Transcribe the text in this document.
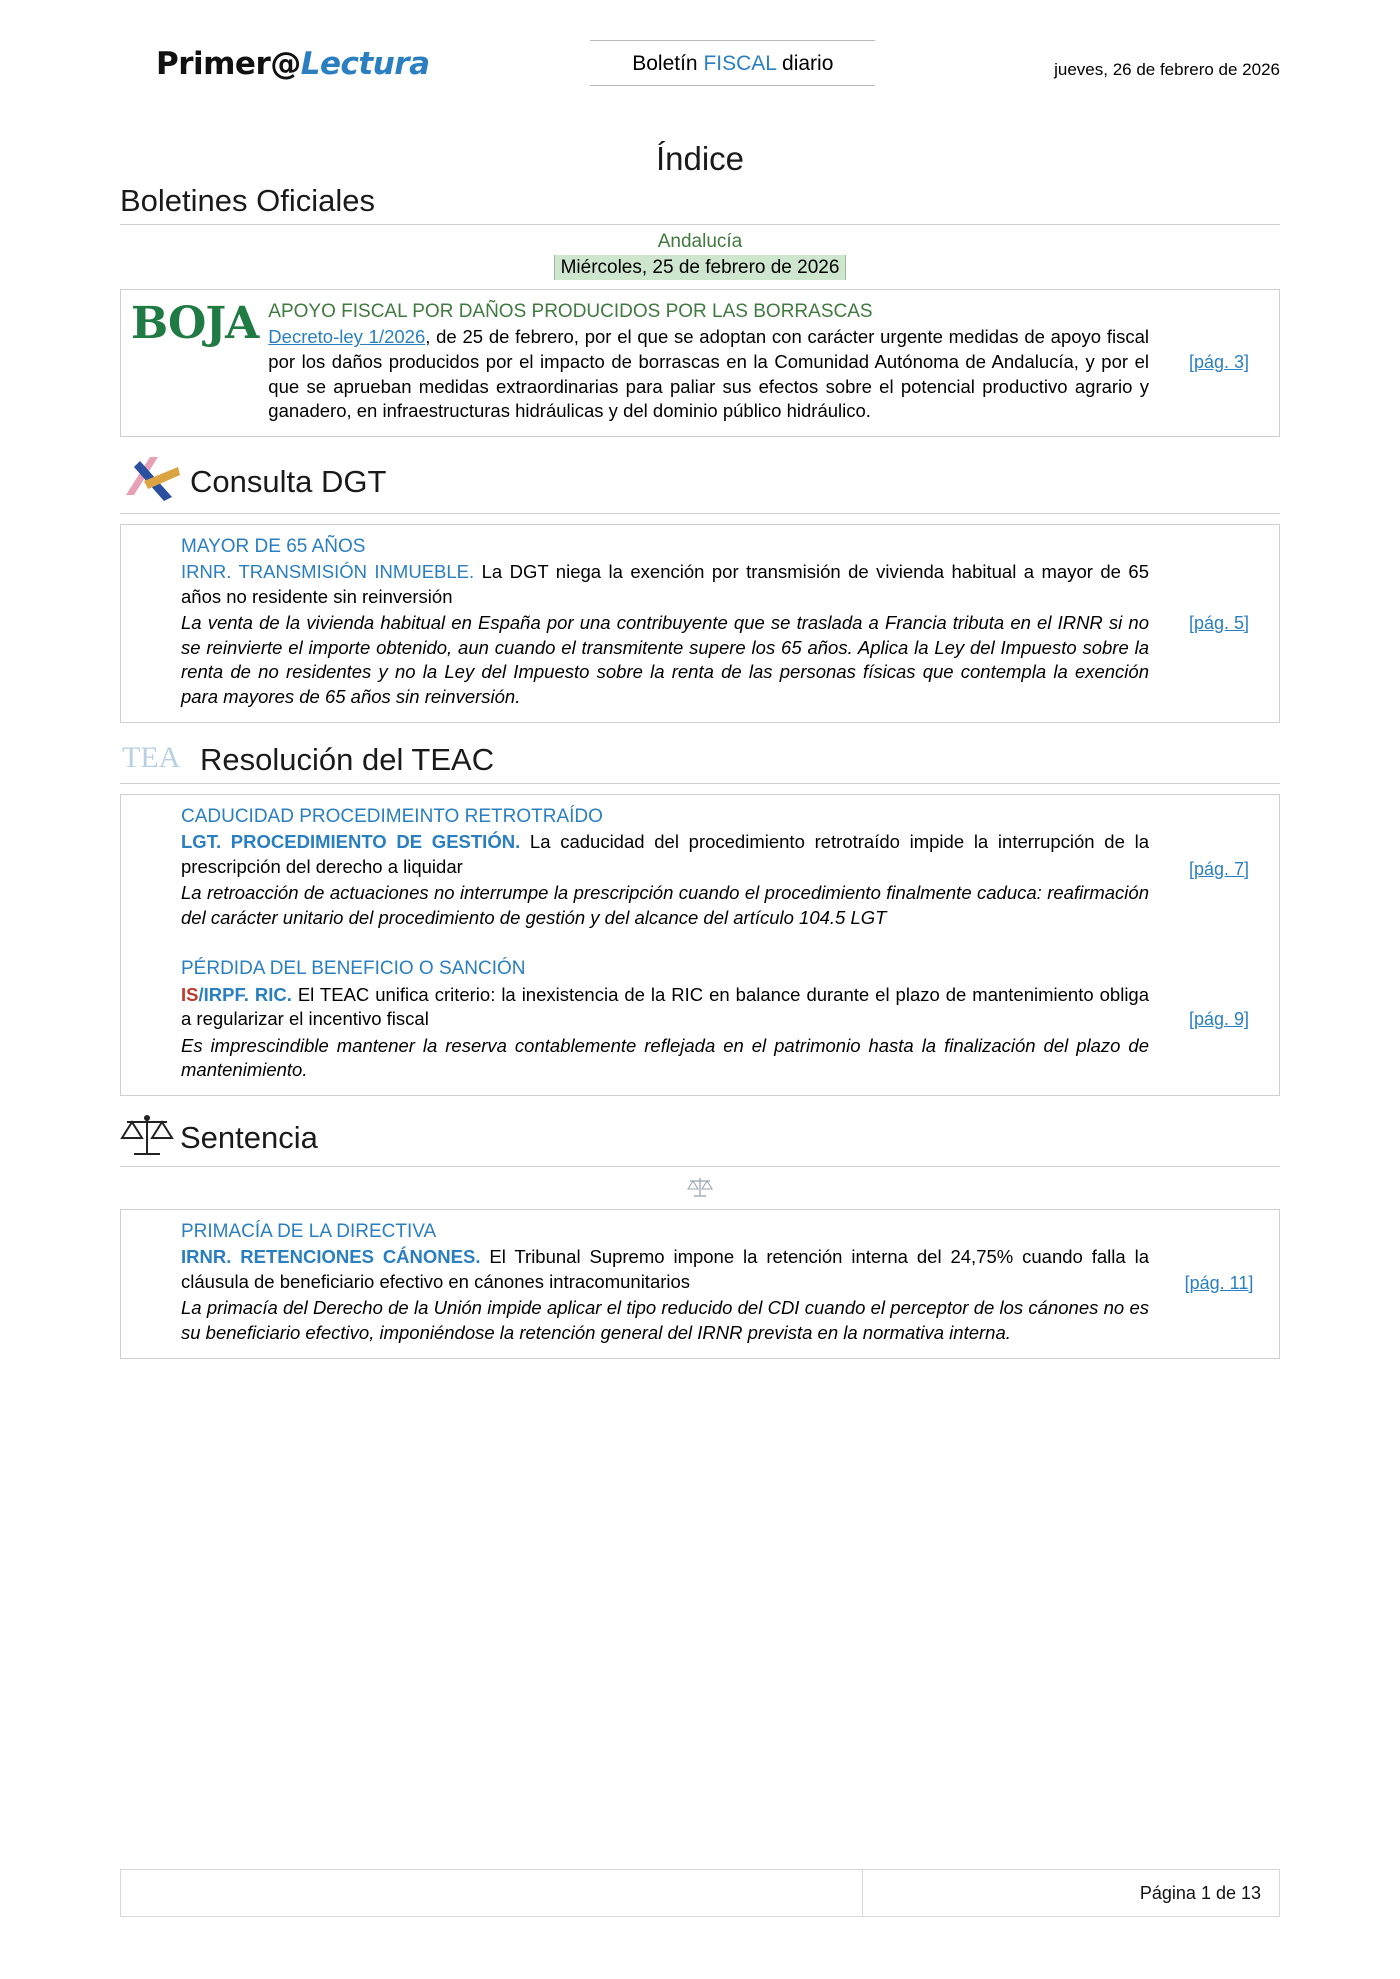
Primer@Lectura	Boletín FISCAL diario	jueves, 26 de febrero de 2026
Índice
Boletines Oficiales
Andalucía
Miércoles, 25 de febrero de 2026
BOJA APOYO FISCAL POR DAÑOS PRODUCIDOS POR LAS BORRASCAS
Decreto-ley 1/2026, de 25 de febrero, por el que se adoptan con carácter urgente medidas de apoyo fiscal por los daños producidos por el impacto de borrascas en la Comunidad Autónoma de Andalucía, y por el que se aprueban medidas extraordinarias para paliar sus efectos sobre el potencial productivo agrario y ganadero, en infraestructuras hidráulicas y del dominio público hidráulico.
[pág. 3]
Consulta DGT
MAYOR DE 65 AÑOS
IRNR. TRANSMISIÓN INMUEBLE. La DGT niega la exención por transmisión de vivienda habitual a mayor de 65 años no residente sin reinversión
La venta de la vivienda habitual en España por una contribuyente que se traslada a Francia tributa en el IRNR si no se reinvierte el importe obtenido, aun cuando el transmitente supere los 65 años. Aplica la Ley del Impuesto sobre la renta de no residentes y no la Ley del Impuesto sobre la renta de las personas físicas que contempla la exención para mayores de 65 años sin reinversión.
[pág. 5]
TEA Resolución del TEAC
CADUCIDAD PROCEDIMEINTO RETROTRAÍDO
LGT. PROCEDIMIENTO DE GESTIÓN. La caducidad del procedimiento retrotraído impide la interrupción de la prescripción del derecho a liquidar
La retroacción de actuaciones no interrumpe la prescripción cuando el procedimiento finalmente caduca: reafirmación del carácter unitario del procedimiento de gestión y del alcance del artículo 104.5 LGT
PÉRDIDA DEL BENEFICIO O SANCIÓN
IS/IRPF. RIC. El TEAC unifica criterio: la inexistencia de la RIC en balance durante el plazo de mantenimiento obliga a regularizar el incentivo fiscal
Es imprescindible mantener la reserva contablemente reflejada en el patrimonio hasta la finalización del plazo de mantenimiento.
[pág. 7]
[pág. 9]
Sentencia
PRIMACÍA DE LA DIRECTIVA
IRNR. RETENCIONES CÁNONES. El Tribunal Supremo impone la retención interna del 24,75% cuando falla la cláusula de beneficiario efectivo en cánones intracomunitarios
La primacía del Derecho de la Unión impide aplicar el tipo reducido del CDI cuando el perceptor de los cánones no es su beneficiario efectivo, imponiéndose la retención general del IRNR prevista en la normativa interna.
[pág. 11]
Página 1 de 13
